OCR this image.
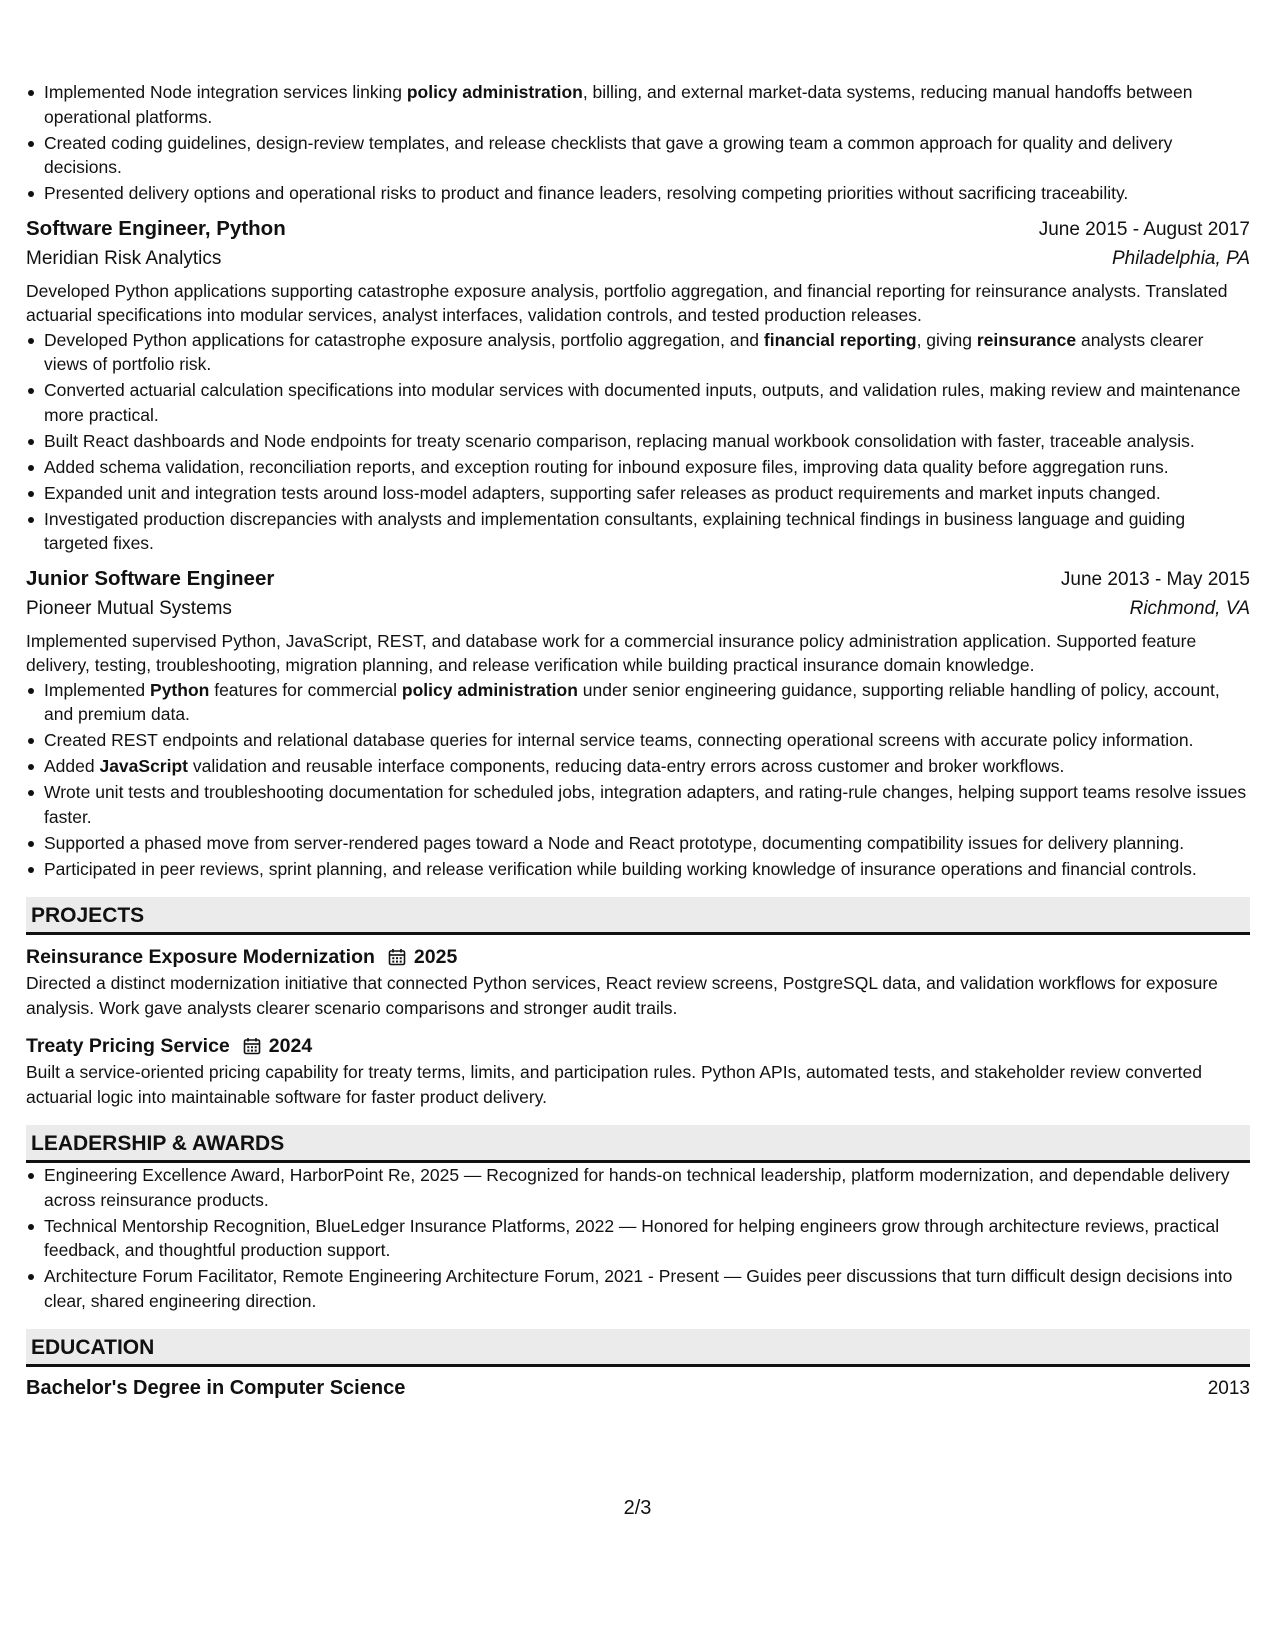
Implemented Node integration services linking policy administration, billing, and external market-data systems, reducing manual handoffs between operational platforms.
Created coding guidelines, design-review templates, and release checklists that gave a growing team a common approach for quality and delivery decisions.
Presented delivery options and operational risks to product and finance leaders, resolving competing priorities without sacrificing traceability.
Software Engineer, Python	June 2015 - August 2017
Meridian Risk Analytics	Philadelphia, PA

Developed Python applications supporting catastrophe exposure analysis, portfolio aggregation, and financial reporting for reinsurance analysts. Translated actuarial specifications into modular services, analyst interfaces, validation controls, and tested production releases.

Developed Python applications for catastrophe exposure analysis, portfolio aggregation, and financial reporting, giving reinsurance analysts clearer views of portfolio risk.
Converted actuarial calculation specifications into modular services with documented inputs, outputs, and validation rules, making review and maintenance more practical.
Built React dashboards and Node endpoints for treaty scenario comparison, replacing manual workbook consolidation with faster, traceable analysis.
Added schema validation, reconciliation reports, and exception routing for inbound exposure files, improving data quality before aggregation runs.
Expanded unit and integration tests around loss-model adapters, supporting safer releases as product requirements and market inputs changed.
Investigated production discrepancies with analysts and implementation consultants, explaining technical findings in business language and guiding targeted fixes.
Junior Software Engineer	June 2013 - May 2015
Pioneer Mutual Systems	Richmond, VA

Implemented supervised Python, JavaScript, REST, and database work for a commercial insurance policy administration application. Supported feature delivery, testing, troubleshooting, migration planning, and release verification while building practical insurance domain knowledge.

Implemented Python features for commercial policy administration under senior engineering guidance, supporting reliable handling of policy, account, and premium data.
Created REST endpoints and relational database queries for internal service teams, connecting operational screens with accurate policy information.
Added JavaScript validation and reusable interface components, reducing data-entry errors across customer and broker workflows.
Wrote unit tests and troubleshooting documentation for scheduled jobs, integration adapters, and rating-rule changes, helping support teams resolve issues faster.
Supported a phased move from server-rendered pages toward a Node and React prototype, documenting compatibility issues for delivery planning.
Participated in peer reviews, sprint planning, and release verification while building working knowledge of insurance operations and financial controls.
PROJECTS
Reinsurance Exposure Modernization 2025

Directed a distinct modernization initiative that connected Python services, React review screens, PostgreSQL data, and validation workflows for exposure analysis. Work gave analysts clearer scenario comparisons and stronger audit trails.

Treaty Pricing Service 2024

Built a service-oriented pricing capability for treaty terms, limits, and participation rules. Python APIs, automated tests, and stakeholder review converted actuarial logic into maintainable software for faster product delivery.

LEADERSHIP & AWARDS
Engineering Excellence Award, HarborPoint Re, 2025 — Recognized for hands-on technical leadership, platform modernization, and dependable delivery across reinsurance products.
Technical Mentorship Recognition, BlueLedger Insurance Platforms, 2022 — Honored for helping engineers grow through architecture reviews, practical feedback, and thoughtful production support.
Architecture Forum Facilitator, Remote Engineering Architecture Forum, 2021 - Present — Guides peer discussions that turn difficult design decisions into clear, shared engineering direction.
EDUCATION
Bachelor's Degree in Computer Science	2013
2/3
